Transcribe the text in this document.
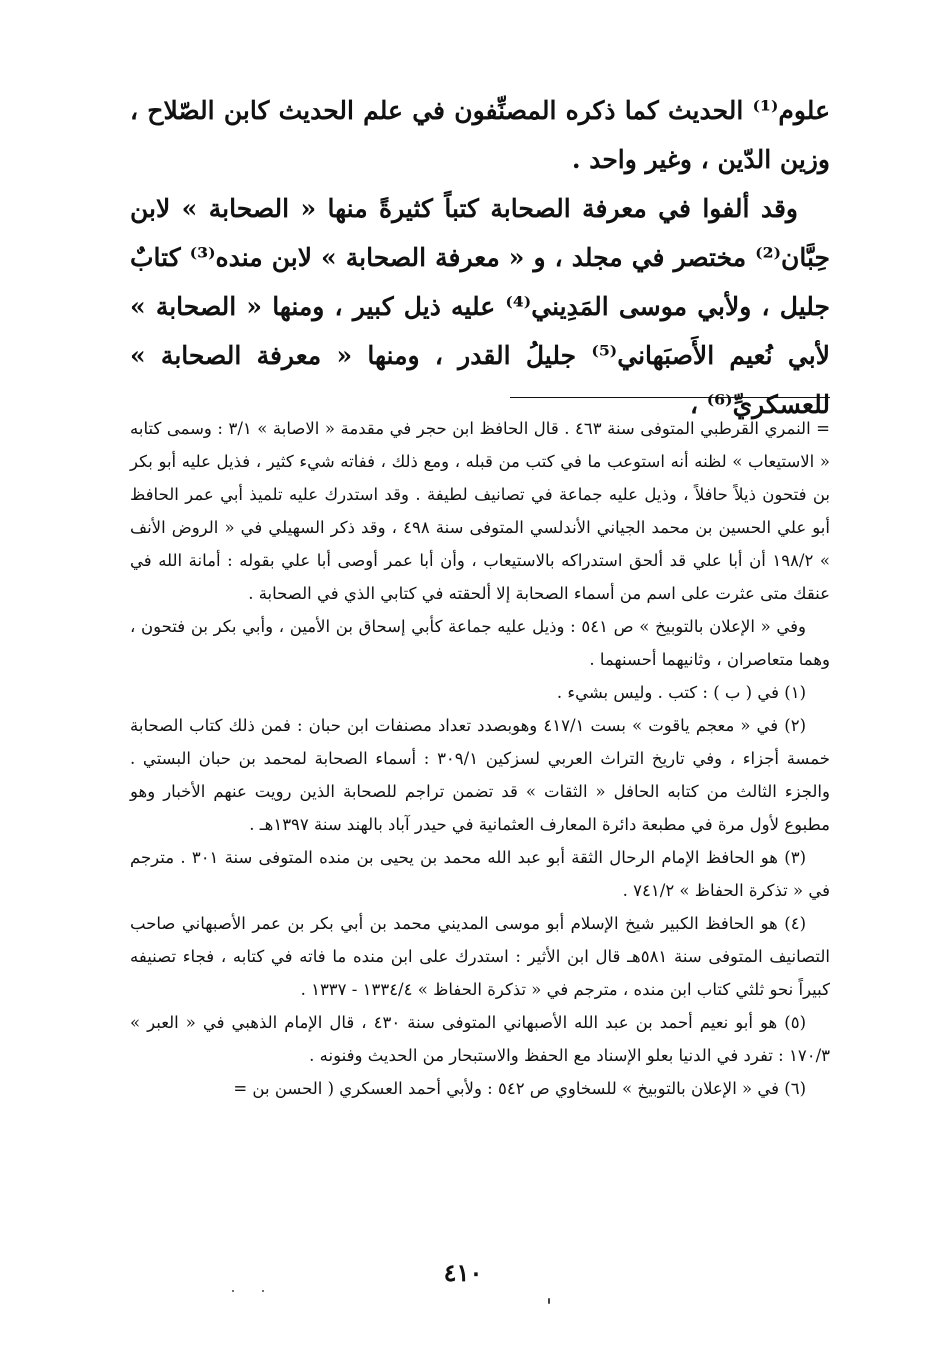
علوم⁽¹⁾ الحديث كما ذكره المصنِّفون في علم الحديث كابن الصّلاح ، وزين الدّين ، وغير واحد .

وقد ألفوا في معرفة الصحابة كتباً كثيرةً منها « الصحابة » لابن حِبَّان⁽²⁾ مختصر في مجلد ، و « معرفة الصحابة » لابن منده⁽³⁾ كتابٌ جليل ، ولأبي موسى المَدِيني⁽⁴⁾ عليه ذيل كبير ، ومنها « الصحابة » لأبي نُعيم الأَصبَهاني⁽⁵⁾ جليلُ القدر ، ومنها « معرفة الصحابة » للعسكريِّ⁽⁶⁾ ،

= النمري القرطبي المتوفى سنة ٤٦٣ . قال الحافظ ابن حجر في مقدمة « الاصابة » ٣/١ : وسمى كتابه « الاستيعاب » لظنه أنه استوعب ما في كتب من قبله ، ومع ذلك ، ففاته شيء كثير ، فذيل عليه أبو بكر بن فتحون ذيلاً حافلاً ، وذيل عليه جماعة في تصانيف لطيفة . وقد استدرك عليه تلميذ أبي عمر الحافظ أبو علي الحسين بن محمد الجياني الأندلسي المتوفى سنة ٤٩٨ ، وقد ذكر السهيلي في « الروض الأنف » ١٩٨/٢ أن أبا علي قد ألحق استدراكه بالاستيعاب ، وأن أبا عمر أوصى أبا علي بقوله : أمانة الله في عنقك متى عثرت على اسم من أسماء الصحابة إلا ألحقته في كتابي الذي في الصحابة .

وفي « الإعلان بالتوبيخ » ص ٥٤١ : وذيل عليه جماعة كأبي إسحاق بن الأمين ، وأبي بكر بن فتحون ، وهما متعاصران ، وثانيهما أحسنهما .

(١) في ( ب ) : كتب . وليس بشيء .

(٢) في « معجم ياقوت » بست ٤١٧/١ وهوبصدد تعداد مصنفات ابن حبان : فمن ذلك كتاب الصحابة خمسة أجزاء ، وفي تاريخ التراث العربي لسزكين ٣٠٩/١ : أسماء الصحابة لمحمد بن حبان البستي . والجزء الثالث من كتابه الحافل « الثقات » قد تضمن تراجم للصحابة الذين رويت عنهم الأخبار وهو مطبوع لأول مرة في مطبعة دائرة المعارف العثمانية في حيدر آباد بالهند سنة ١٣٩٧هـ .

(٣) هو الحافظ الإمام الرحال الثقة أبو عبد الله محمد بن يحيى بن منده المتوفى سنة ٣٠١ . مترجم في « تذكرة الحفاظ » ٧٤١/٢ .

(٤) هو الحافظ الكبير شيخ الإسلام أبو موسى المديني محمد بن أبي بكر بن عمر الأصبهاني صاحب التصانيف المتوفى سنة ٥٨١هـ قال ابن الأثير : استدرك على ابن منده ما فاته في كتابه ، فجاء تصنيفه كبيراً نحو ثلثي كتاب ابن منده ، مترجم في « تذكرة الحفاظ » ١٣٣٤/٤ - ١٣٣٧ .

(٥) هو أبو نعيم أحمد بن عبد الله الأصبهاني المتوفى سنة ٤٣٠ ، قال الإمام الذهبي في « العبر » ١٧٠/٣ : تفرد في الدنيا بعلو الإسناد مع الحفظ والاستبحار من الحديث وفنونه .

(٦) في « الإعلان بالتوبيخ » للسخاوي ص ٥٤٢ : ولأبي أحمد العسكري ( الحسن بن =

٤١٠
